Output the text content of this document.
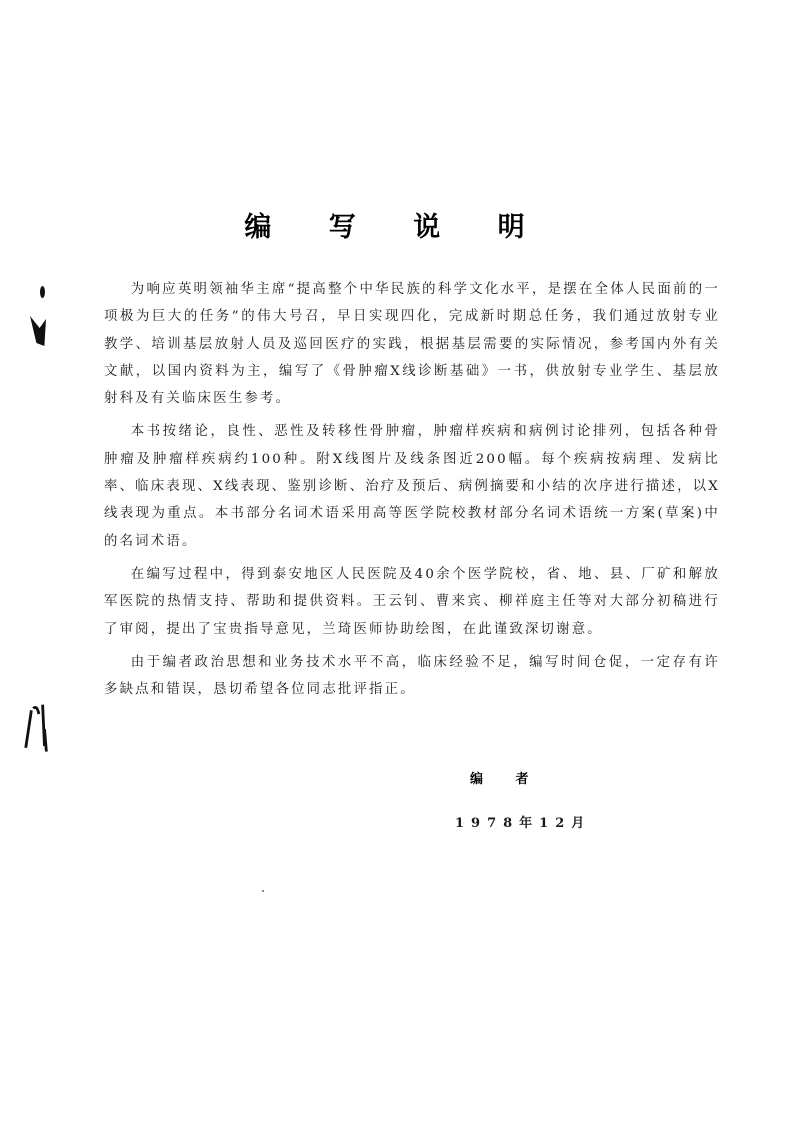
编 写 说 明

为响应英明领袖华主席“提高整个中华民族的科学文化水平，是摆在全体人民面前的一项极为巨大的任务”的伟大号召，早日实现四化，完成新时期总任务，我们通过放射专业教学、培训基层放射人员及巡回医疗的实践，根据基层需要的实际情况，参考国内外有关文献，以国内资料为主，编写了《骨肿瘤X线诊断基础》一书，供放射专业学生、基层放射科及有关临床医生参考。

本书按绪论，良性、恶性及转移性骨肿瘤，肿瘤样疾病和病例讨论排列，包括各种骨肿瘤及肿瘤样疾病约100种。附X线图片及线条图近200幅。每个疾病按病理、发病比率、临床表现、X线表现、鉴别诊断、治疗及预后、病例摘要和小结的次序进行描述，以X线表现为重点。本书部分名词术语采用高等医学院校教材部分名词术语统一方案(草案)中的名词术语。

在编写过程中，得到泰安地区人民医院及40余个医学院校，省、地、县、厂矿和解放军医院的热情支持、帮助和提供资料。王云钊、曹来宾、柳祥庭主任等对大部分初稿进行了审阅，提出了宝贵指导意见，兰琦医师协助绘图，在此谨致深切谢意。

由于编者政治思想和业务技术水平不高，临床经验不足，编写时间仓促，一定存有许多缺点和错误，恳切希望各位同志批评指正。

编 者
1978年12月
